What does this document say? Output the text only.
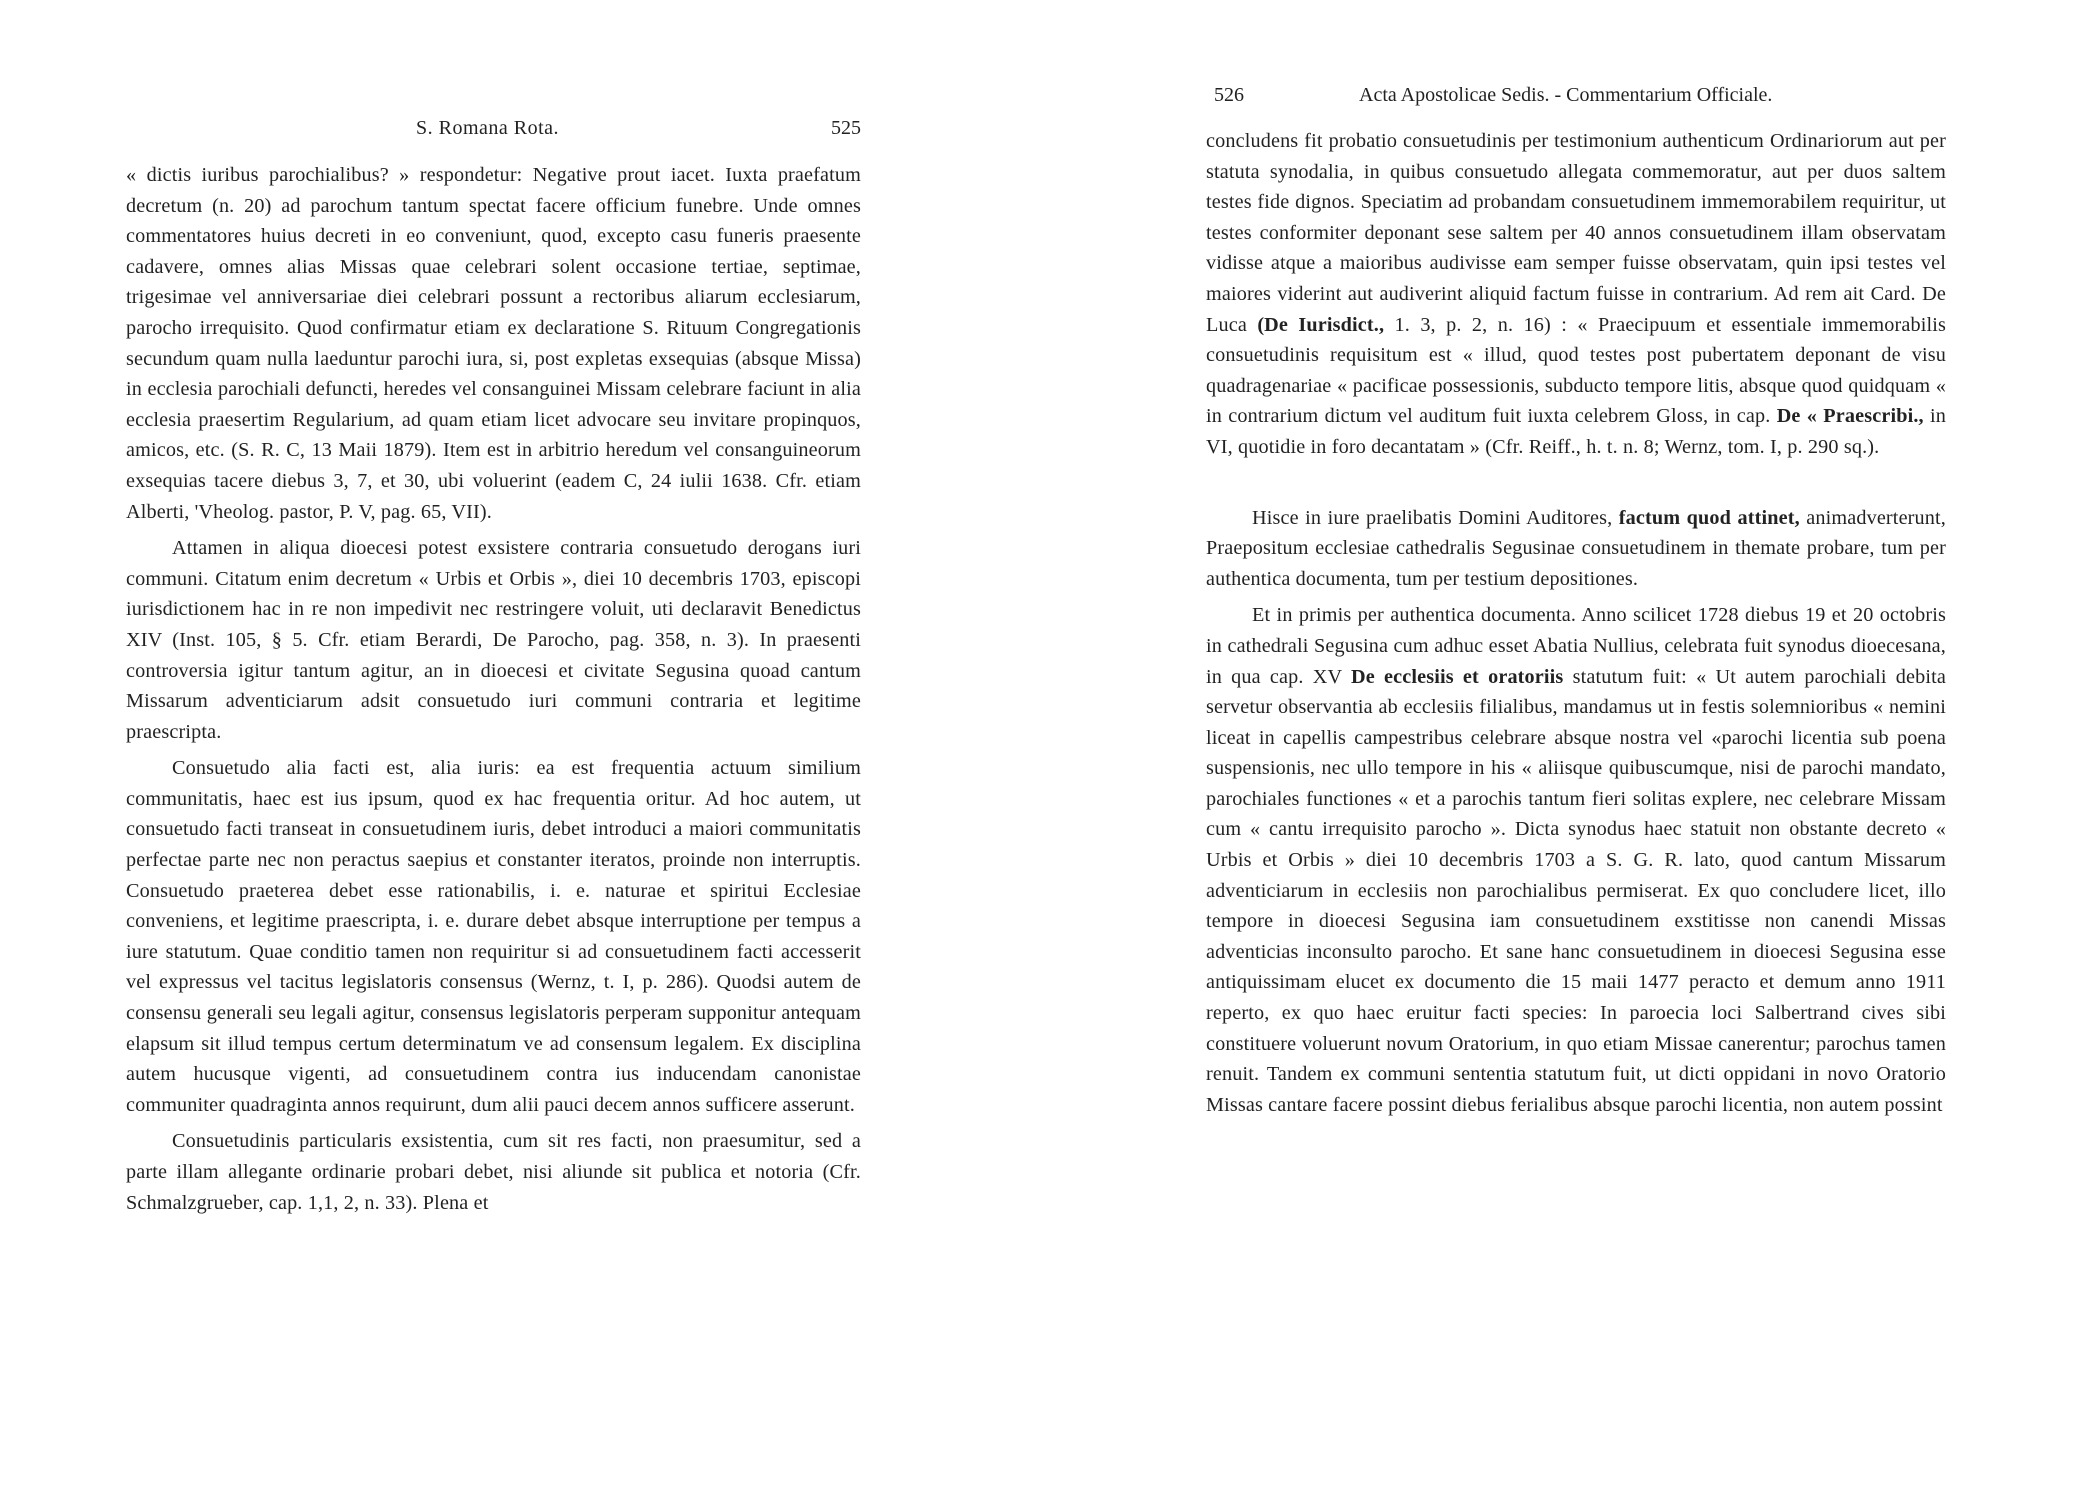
S. Romana Rota.	525

« dictis iuribus parochialibus? » respondetur: Negative prout iacet. Iuxta praefatum decretum (n. 20) ad parochum tantum spectat facere officium funebre. Unde omnes commentatores huius decreti in eo conveniunt, quod, excepto casu funeris praesente cadavere, omnes alias Missas quae celebrari solent occasione tertiae, septimae, trigesimae vel anniversariae diei celebrari possunt a rectoribus aliarum ecclesiarum, parocho irrequisito. Quod confirmatur etiam ex declaratione S. Rituum Congregationis secundum quam nulla laeduntur parochi iura, si, post expletas exsequias (absque Missa) in ecclesia parochiali defuncti, heredes vel consanguinei Missam celebrare faciunt in alia ecclesia praesertim Regularium, ad quam etiam licet advocare seu invitare propinquos, amicos, etc. (S. R. C, 13 Maii 1879). Item est in arbitrio heredum vel consanguineorum exsequias tacere diebus 3, 7, et 30, ubi voluerint (eadem C, 24 iulii 1638. Cfr. etiam Alberti, 'Vheolog. pastor, P. V, pag. 65, VII).

Attamen in aliqua dioecesi potest exsistere contraria consuetudo derogans iuri communi. Citatum enim decretum « Urbis et Orbis », diei 10 decembris 1703, episcopi iurisdictionem hac in re non impedivit nec restringere voluit, uti declaravit Benedictus XIV (Inst. 105, § 5. Cfr. etiam Berardi, De Parocho, pag. 358, n. 3). In praesenti controversia igitur tantum agitur, an in dioecesi et civitate Segusina quoad cantum Missarum adventiciarum adsit consuetudo iuri communi contraria et legitime praescripta.

Consuetudo alia facti est, alia iuris: ea est frequentia actuum similium communitatis, haec est ius ipsum, quod ex hac frequentia oritur. Ad hoc autem, ut consuetudo facti transeat in consuetudinem iuris, debet introduci a maiori communitatis perfectae parte nec non peractus saepius et constanter iteratos, proinde non interruptis. Consuetudo praeterea debet esse rationabilis, i. e. naturae et spiritui Ecclesiae conveniens, et legitime praescripta, i. e. durare debet absque interruptione per tempus a iure statutum. Quae conditio tamen non requiritur si ad consuetudinem facti accesserit vel expressus vel tacitus legislatoris consensus (Wernz, t. I, p. 286). Quodsi autem de consensu generali seu legali agitur, consensus legislatoris perperam supponitur antequam elapsum sit illud tempus certum determinatum ve ad consensum legalem. Ex disciplina autem hucusque vigenti, ad consuetudinem contra ius inducendam canonistae communiter quadraginta annos requirunt, dum alii pauci decem annos sufficere asserunt.

Consuetudinis particularis exsistentia, cum sit res facti, non praesumitur, sed a parte illam allegante ordinarie probari debet, nisi aliunde sit publica et notoria (Cfr. Schmalzgrueber, cap. 1,1, 2, n. 33). Plena et

526	Acta Apostolicae Sedis. - Commentarium Officiale.

concludens fit probatio consuetudinis per testimonium authenticum Ordinariorum aut per statuta synodalia, in quibus consuetudo allegata commemoratur, aut per duos saltem testes fide dignos. Speciatim ad probandam consuetudinem immemorabilem requiritur, ut testes conformiter deponant sese saltem per 40 annos consuetudinem illam observatam vidisse atque a maioribus audivisse eam semper fuisse observatam, quin ipsi testes vel maiores viderint aut audiverint aliquid factum fuisse in contrarium. Ad rem ait Card. De Luca (De Iurisdict., 1. 3, p. 2, n. 16) : « Praecipuum et essentiale immemorabilis consuetudinis requisitum est « illud, quod testes post pubertatem deponant de visu quadragenariae « pacificae possessionis, subducto tempore litis, absque quod quidquam « in contrarium dictum vel auditum fuit iuxta celebrem Gloss, in cap. De « Praescribi., in VI, quotidie in foro decantatam » (Cfr. Reiff., h. t. n. 8; Wernz, tom. I, p. 290 sq.).

Hisce in iure praelibatis Domini Auditores, factum quod attinet, animadverterunt, Praepositum ecclesiae cathedralis Segusinae consuetudinem in themate probare, tum per authentica documenta, tum per testium depositiones.

Et in primis per authentica documenta. Anno scilicet 1728 diebus 19 et 20 octobris in cathedrali Segusina cum adhuc esset Abatia Nullius, celebrata fuit synodus dioecesana, in qua cap. XV De ecclesiis et oratoriis statutum fuit: « Ut autem parochiali debita servetur observantia ab ecclesiis filialibus, mandamus ut in festis solemnioribus « nemini liceat in capellis campestribus celebrare absque nostra vel «parochi licentia sub poena suspensionis, nec ullo tempore in his « aliisque quibuscumque, nisi de parochi mandato, parochiales functiones « et a parochis tantum fieri solitas explere, nec celebrare Missam cum « cantu irrequisito parocho ». Dicta synodus haec statuit non obstante decreto « Urbis et Orbis » diei 10 decembris 1703 a S. G. R. lato, quod cantum Missarum adventiciarum in ecclesiis non parochialibus permiserat. Ex quo concludere licet, illo tempore in dioecesi Segusina iam consuetudinem exstitisse non canendi Missas adventicias inconsulto parocho. Et sane hanc consuetudinem in dioecesi Segusina esse antiquissimam elucet ex documento die 15 maii 1477 peracto et demum anno 1911 reperto, ex quo haec eruitur facti species: In paroecia loci Salbertrand cives sibi constituere voluerunt novum Oratorium, in quo etiam Missae canerentur; parochus tamen renuit. Tandem ex communi sententia statutum fuit, ut dicti oppidani in novo Oratorio Missas cantare facere possint diebus ferialibus absque parochi licentia, non autem possint
